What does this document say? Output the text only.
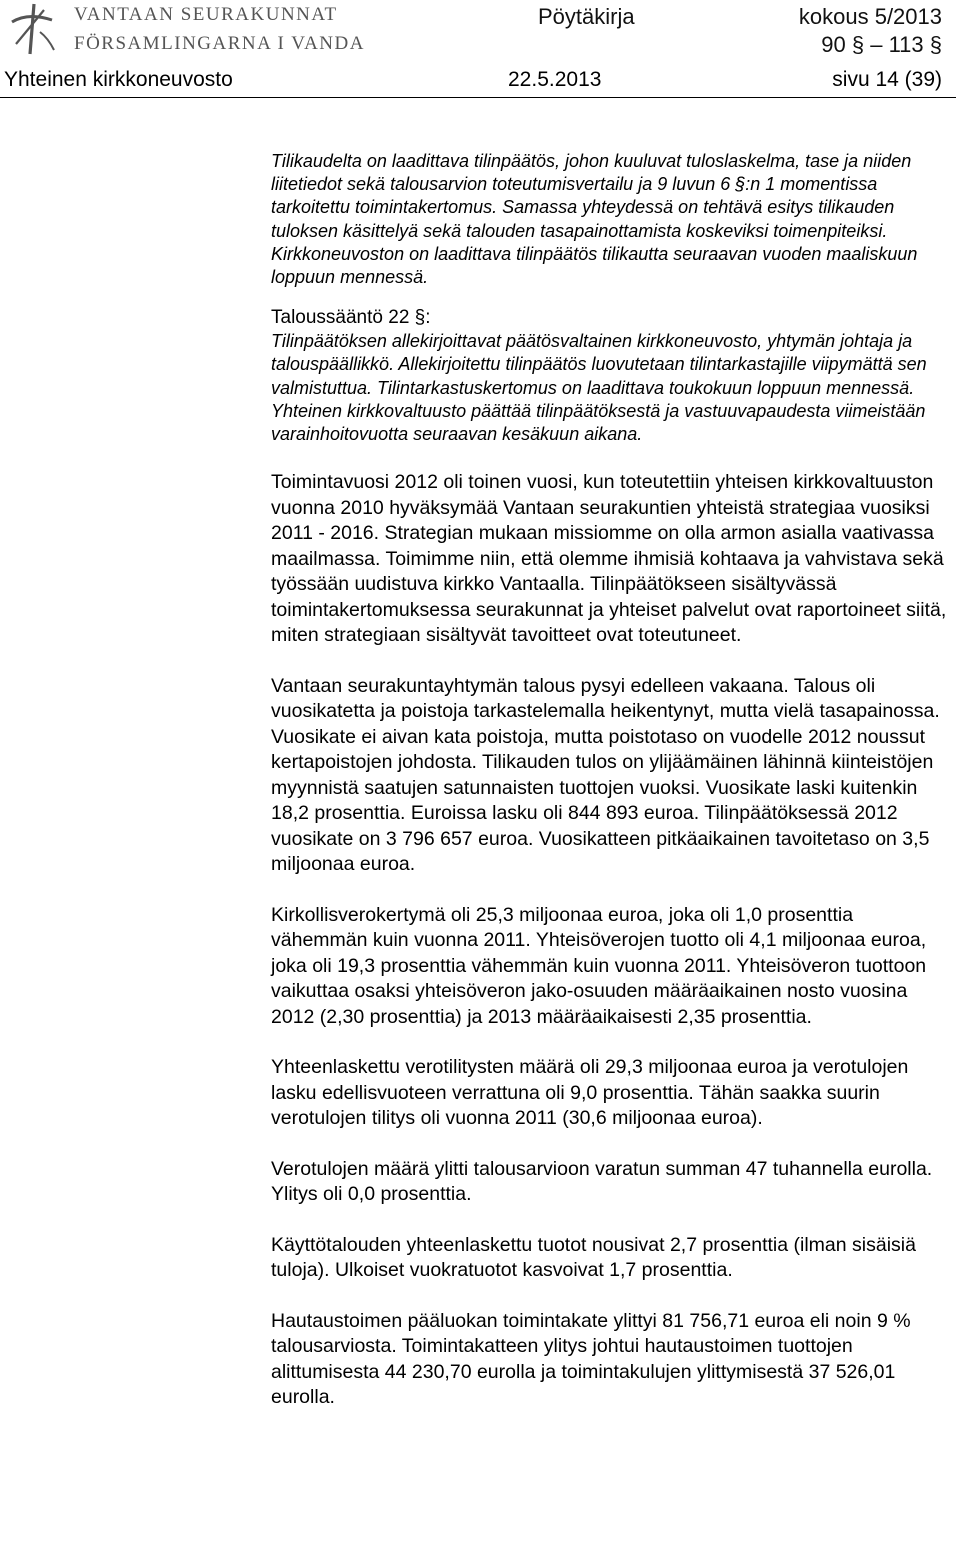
VANTAAN SEURAKUNNAT
FÖRSAMLINGARNA I VANDA
Pöytäkirja	kokous 5/2013
90 § – 113 §
Yhteinen kirkkoneuvosto	22.5.2013	sivu 14 (39)

Tilikaudelta on laadittava tilinpäätös, johon kuuluvat tuloslaskelma, tase ja niiden liitetiedot sekä talousarvion toteutumisvertailu ja 9 luvun 6 §:n 1 momentissa tarkoitettu toimintakertomus. Samassa yhteydessä on tehtävä esitys tilikauden tuloksen käsittelyä sekä talouden tasapainottamista koskeviksi toimenpiteiksi. Kirkkoneuvoston on laadittava tilinpäätös tilikautta seuraavan vuoden maaliskuun loppuun mennessä.

Taloussääntö 22 §:

Tilinpäätöksen allekirjoittavat päätösvaltainen kirkkoneuvosto, yhtymän johtaja ja talouspäällikkö. Allekirjoitettu tilinpäätös luovutetaan tilintarkastajille viipymättä sen valmistuttua. Tilintarkastuskertomus on laadittava toukokuun loppuun mennessä. Yhteinen kirkkovaltuusto päättää tilinpäätöksestä ja vastuuvapaudesta viimeistään varainhoitovuotta seuraavan kesäkuun aikana.

Toimintavuosi 2012 oli toinen vuosi, kun toteutettiin yhteisen kirkkovaltuuston vuonna 2010 hyväksymää Vantaan seurakuntien yhteistä strategiaa vuosiksi 2011 - 2016. Strategian mukaan missiomme on olla armon asialla vaativassa maailmassa. Toimimme niin, että olemme ihmisiä kohtaava ja vahvistava sekä työssään uudistuva kirkko Vantaalla. Tilinpäätökseen sisältyvässä toimintakertomuksessa seurakunnat ja yhteiset palvelut ovat raportoineet siitä, miten strategiaan sisältyvät tavoitteet ovat toteutuneet.

Vantaan seurakuntayhtymän talous pysyi edelleen vakaana. Talous oli vuosikatetta ja poistoja tarkastelemalla heikentynyt, mutta vielä tasapainossa. Vuosikate ei aivan kata poistoja, mutta poistotaso on vuodelle 2012 noussut kertapoistojen johdosta. Tilikauden tulos on ylijäämäinen lähinnä kiinteistöjen myynnistä saatujen satunnaisten tuottojen vuoksi. Vuosikate laski kuitenkin 18,2 prosenttia. Euroissa lasku oli 844 893 euroa. Tilinpäätöksessä 2012 vuosikate on 3 796 657 euroa. Vuosikatteen pitkäaikainen tavoitetaso on 3,5 miljoonaa euroa.

Kirkollisverokertymä oli 25,3 miljoonaa euroa, joka oli 1,0 prosenttia vähemmän kuin vuonna 2011. Yhteisöverojen tuotto oli 4,1 miljoonaa euroa, joka oli 19,3 prosenttia vähemmän kuin vuonna 2011. Yhteisöveron tuottoon vaikuttaa osaksi yhteisöveron jako-osuuden määräaikainen nosto vuosina 2012 (2,30 prosenttia) ja 2013 määräaikaisesti 2,35 prosenttia.

Yhteenlaskettu verotilitysten määrä oli 29,3 miljoonaa euroa ja verotulojen lasku edellisvuoteen verrattuna oli 9,0 prosenttia. Tähän saakka suurin verotulojen tilitys oli vuonna 2011 (30,6 miljoonaa euroa).

Verotulojen määrä ylitti talousarvioon varatun summan 47 tuhannella eurolla. Ylitys oli 0,0 prosenttia.

Käyttötalouden yhteenlaskettu tuotot nousivat 2,7 prosenttia (ilman sisäisiä tuloja). Ulkoiset vuokratuotot kasvoivat 1,7 prosenttia.

Hautaustoimen pääluokan toimintakate ylittyi 81 756,71 euroa eli noin 9 % talousarviosta. Toimintakatteen ylitys johtui hautaustoimen tuottojen alittumisesta 44 230,70 eurolla ja toimintakulujen ylittymisestä 37 526,01 eurolla.
